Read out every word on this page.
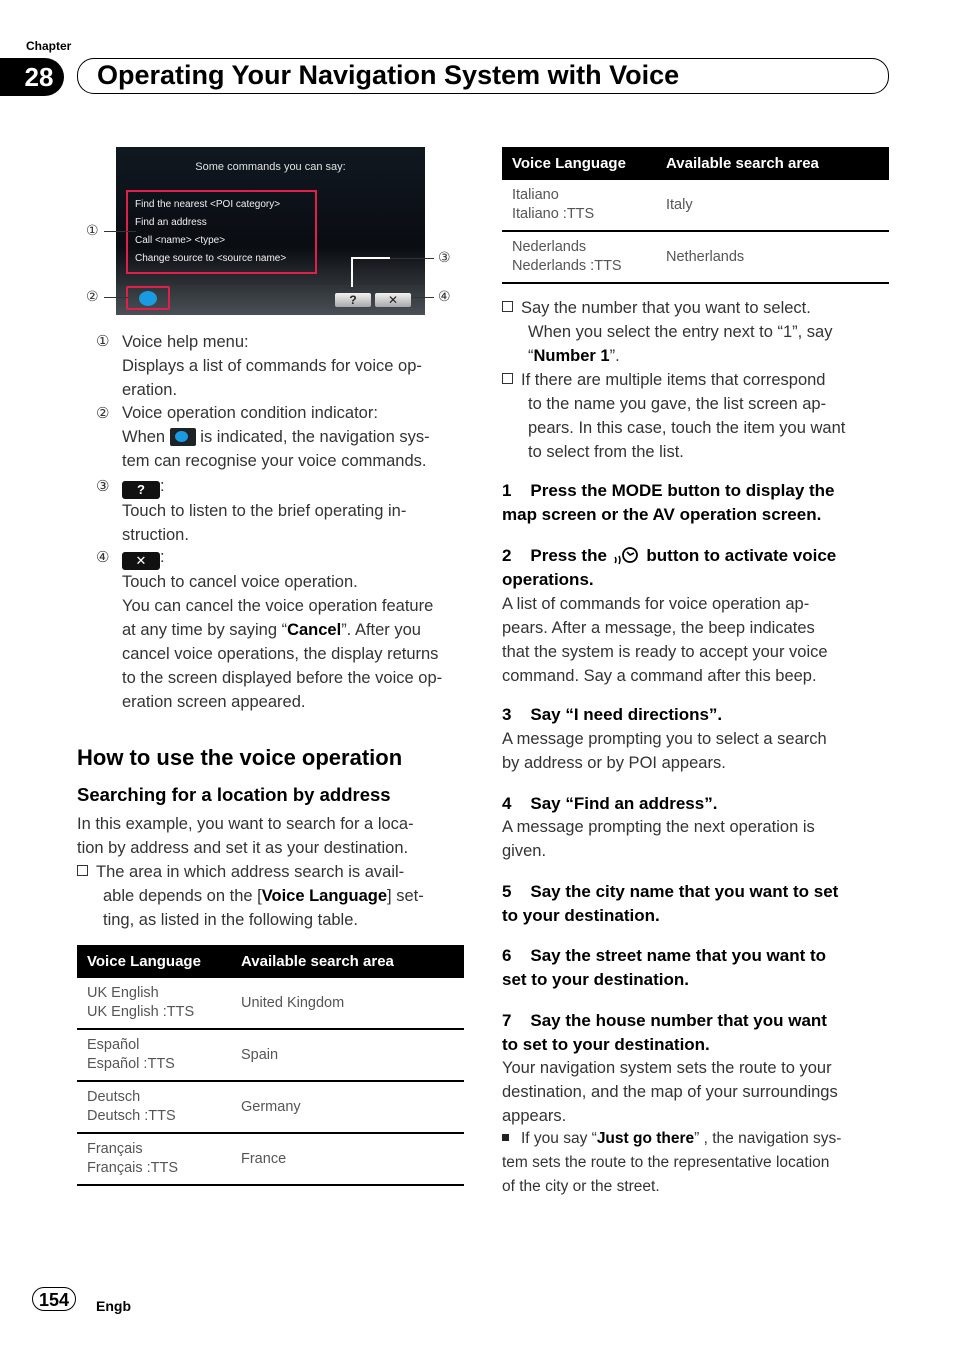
Chapter
28	Operating Your Navigation System with Voice
Some commands you can say:
Find the nearest <POI category>
Find an address
Call <name> <type>
Change source to <source name>
?	✕
①
②
③
④
① Voice help menu:
Displays a list of commands for voice op-
eration.
② Voice operation condition indicator:
When is indicated, the navigation sys-
tem can recognise your voice commands.
③	? :
Touch to listen to the brief operating in-
struction.
④	✕ :
Touch to cancel voice operation.
You can cancel the voice operation feature
at any time by saying “Cancel”. After you
cancel voice operations, the display returns
to the screen displayed before the voice op-
eration screen appeared.
How to use the voice operation
Searching for a location by address
In this example, you want to search for a loca-
tion by address and set it as your destination.
The area in which address search is avail-
able depends on the [Voice Language] set-
ting, as listed in the following table.
Voice Language	Available search area

UK English
UK English :TTS	United Kingdom

Español
Español :TTS	Spain

Deutsch
Deutsch :TTS	Germany

Français
Français :TTS	France
Voice Language	Available search area

Italiano
Italiano :TTS	Italy

Nederlands
Nederlands :TTS	Netherlands
Say the number that you want to select.
When you select the entry next to “1”, say
“Number 1”.
If there are multiple items that correspond
to the name you gave, the list screen ap-
pears. In this case, touch the item you want
to select from the list.
1 Press the MODE button to display the
map screen or the AV operation screen.
2 Press the button to activate voice
operations.
A list of commands for voice operation ap-
pears. After a message, the beep indicates
that the system is ready to accept your voice
command. Say a command after this beep.
3 Say “I need directions”.
A message prompting you to select a search
by address or by POI appears.
4 Say “Find an address”.
A message prompting the next operation is
given.
5 Say the city name that you want to set
to your destination.
6 Say the street name that you want to
set to your destination.
7 Say the house number that you want
to set to your destination.
Your navigation system sets the route to your
destination, and the map of your surroundings
appears.
If you say “Just go there” , the navigation sys-
tem sets the route to the representative location
of the city or the street.
154	Engb
